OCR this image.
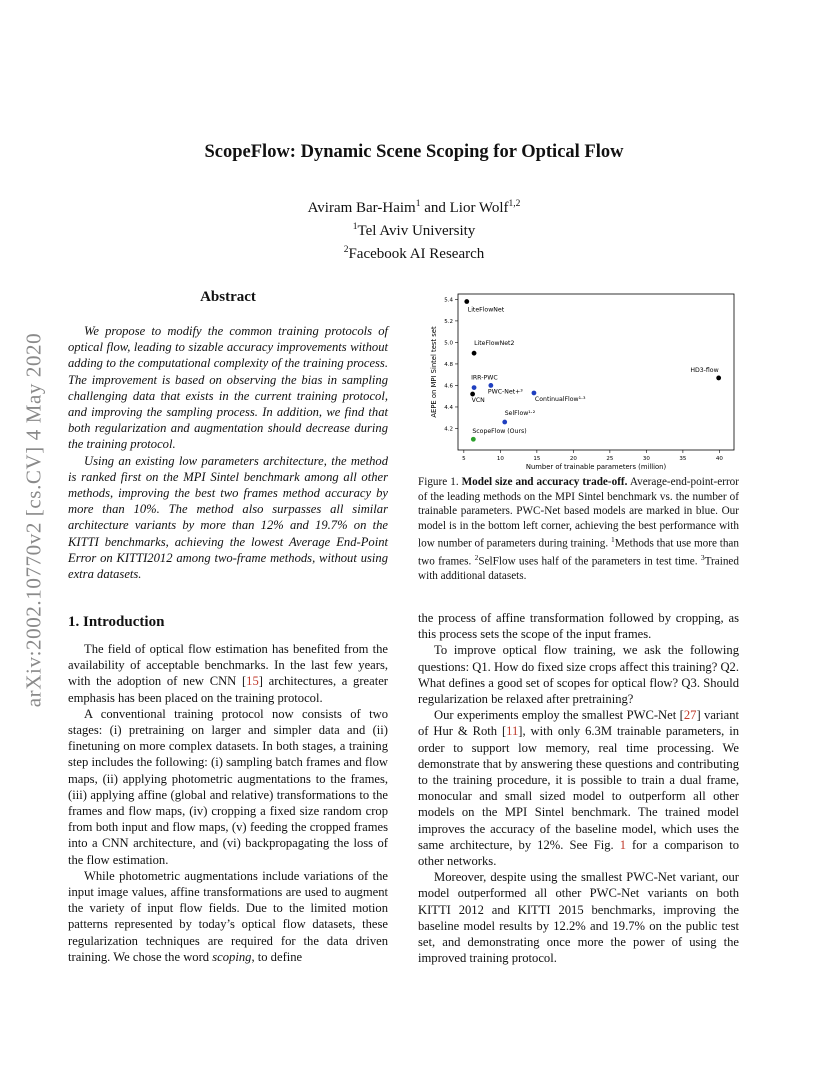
ScopeFlow: Dynamic Scene Scoping for Optical Flow
Aviram Bar-Haim$^1$ and Lior Wolf$^{1,2}$
$^1$Tel Aviv University
$^2$Facebook AI Research
arXiv:2002.10770v2 [cs.CV] 4 May 2020
Abstract

We propose to modify the common training protocols of optical flow, leading to sizable accuracy improvements without adding to the computational complexity of the training process. The improvement is based on observing the bias in sampling challenging data that exists in the current training protocol, and improving the sampling process. In addition, we find that both regularization and augmentation should decrease during the training protocol.

Using an existing low parameters architecture, the method is ranked first on the MPI Sintel benchmark among all other methods, improving the best two frames method accuracy by more than 10%. The method also surpasses all similar architecture variants by more than 12% and 19.7% on the KITTI benchmarks, achieving the lowest Average End-Point Error on KITTI2012 among two-frame methods, without using extra datasets.

1. Introduction

The field of optical flow estimation has benefited from the availability of acceptable benchmarks. In the last few years, with the adoption of new CNN [15] architectures, a greater emphasis has been placed on the training protocol.

A conventional training protocol now consists of two stages: (i) pretraining on larger and simpler data and (ii) finetuning on more complex datasets. In both stages, a training step includes the following: (i) sampling batch frames and flow maps, (ii) applying photometric augmentations to the frames, (iii) applying affine (global and relative) transformations to the frames and flow maps, (iv) cropping a fixed size random crop from both input and flow maps, (v) feeding the cropped frames into a CNN architecture, and (vi) backpropagating the loss of the flow estimation.

While photometric augmentations include variations of the input image values, affine transformations are used to augment the variety of input flow fields. Due to the limited motion patterns represented by today’s optical flow datasets, these regularization techniques are required for the data driven training. We chose the word scoping, to define

the process of affine transformation followed by cropping, as this process sets the scope of the input frames.

To improve optical flow training, we ask the following questions: Q1. How do fixed size crops affect this training? Q2. What defines a good set of scopes for optical flow? Q3. Should regularization be relaxed after pretraining?

Our experiments employ the smallest PWC-Net [27] variant of Hur & Roth [11], with only 6.3M trainable parameters, in order to support low memory, real time processing. We demonstrate that by answering these questions and contributing to the training procedure, it is possible to train a dual frame, monocular and small sized model to outperform all other models on the MPI Sintel benchmark. The trained model improves the accuracy of the baseline model, which uses the same architecture, by 12%. See Fig. 1 for a comparison to other networks.

Moreover, despite using the smallest PWC-Net variant, our model outperformed all other PWC-Net variants on both KITTI 2012 and KITTI 2015 benchmarks, improving the baseline model results by 12.2% and 19.7% on the public test set, and demonstrating once more the power of using the improved training protocol.

5	10	15	20	25	30	35	40
4.2
4.4
4.6
4.8
5.0
5.2
5.4
Number of trainable parameters (million)
AEPE on MPI Sintel test set
LiteFlowNet
LiteFlowNet2
HD3-flow
IRR-PWC
PWC-Net+³
VCN	ContinualFlow¹·³
SelFlow¹·²
ScopeFlow (Ours)
Figure 1. Model size and accuracy trade-off. Average-end-point-error of the leading methods on the MPI Sintel benchmark vs. the number of trainable parameters. PWC-Net based models are marked in blue. Our model is in the bottom left corner, achieving the best performance with low number of parameters during training. $^1$Methods that use more than two frames. $^2$SelFlow uses half of the parameters in test time. $^3$Trained with additional datasets.
